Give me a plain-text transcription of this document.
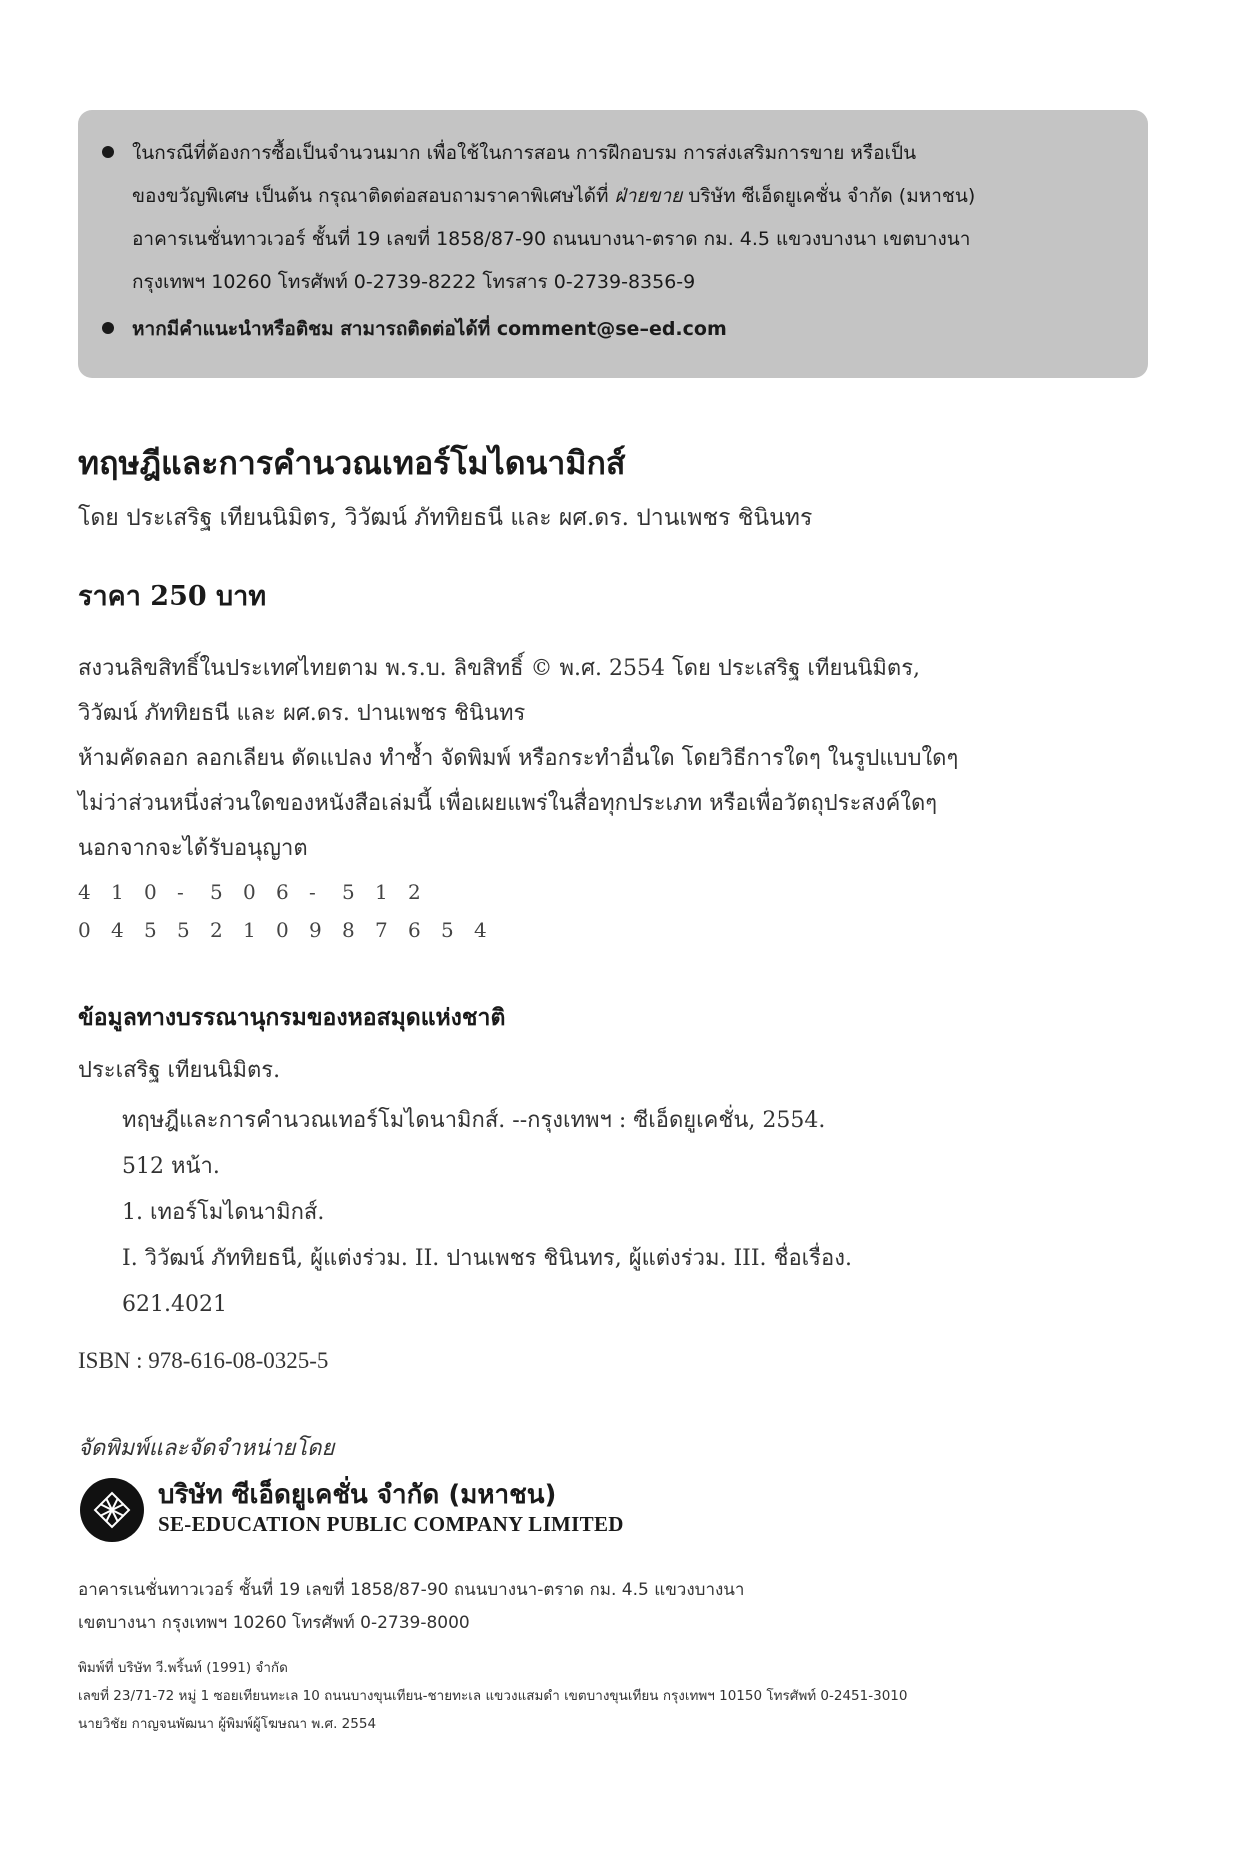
ในกรณีที่ต้องการซื้อเป็นจำนวนมาก เพื่อใช้ในการสอน การฝึกอบรม การส่งเสริมการขาย หรือเป็น
ของขวัญพิเศษ เป็นต้น กรุณาติดต่อสอบถามราคาพิเศษได้ที่ ฝ่ายขาย บริษัท ซีเอ็ดยูเคชั่น จำกัด (มหาชน)
อาคารเนชั่นทาวเวอร์ ชั้นที่ 19 เลขที่ 1858/87-90 ถนนบางนา-ตราด กม. 4.5 แขวงบางนา เขตบางนา
กรุงเทพฯ 10260 โทรศัพท์ 0-2739-8222 โทรสาร 0-2739-8356-9
หากมีคำแนะนำหรือติชม สามารถติดต่อได้ที่ comment@se–ed.com
ทฤษฎีและการคำนวณเทอร์โมไดนามิกส์
โดย ประเสริฐ เทียนนิมิตร, วิวัฒน์ ภัททิยธนี และ ผศ.ดร. ปานเพชร ชินินทร
ราคา 250 บาท
สงวนลิขสิทธิ์ในประเทศไทยตาม พ.ร.บ. ลิขสิทธิ์ © พ.ศ. 2554 โดย ประเสริฐ เทียนนิมิตร,
วิวัฒน์ ภัททิยธนี และ ผศ.ดร. ปานเพชร ชินินทร
ห้ามคัดลอก ลอกเลียน ดัดแปลง ทำซ้ำ จัดพิมพ์ หรือกระทำอื่นใด โดยวิธีการใดๆ ในรูปแบบใดๆ
ไม่ว่าส่วนหนึ่งส่วนใดของหนังสือเล่มนี้ เพื่อเผยแพร่ในสื่อทุกประเภท หรือเพื่อวัตถุประสงค์ใดๆ
นอกจากจะได้รับอนุญาต
4 1 0 - 5 0 6 - 5 1 2
0 4 5 5 2 1 0 9 8 7 6 5 4
ข้อมูลทางบรรณานุกรมของหอสมุดแห่งชาติ
ประเสริฐ เทียนนิมิตร.
ทฤษฎีและการคำนวณเทอร์โมไดนามิกส์. --กรุงเทพฯ : ซีเอ็ดยูเคชั่น, 2554.
512 หน้า.
1. เทอร์โมไดนามิกส์.
I. วิวัฒน์ ภัททิยธนี, ผู้แต่งร่วม. II. ปานเพชร ชินินทร, ผู้แต่งร่วม. III. ชื่อเรื่อง.
621.4021
ISBN : 978-616-08-0325-5
จัดพิมพ์และจัดจำหน่ายโดย
บริษัท ซีเอ็ดยูเคชั่น จำกัด (มหาชน)
SE-EDUCATION PUBLIC COMPANY LIMITED
อาคารเนชั่นทาวเวอร์ ชั้นที่ 19 เลขที่ 1858/87-90 ถนนบางนา-ตราด กม. 4.5 แขวงบางนา
เขตบางนา กรุงเทพฯ 10260 โทรศัพท์ 0-2739-8000
พิมพ์ที่ บริษัท วี.พริ้นท์ (1991) จำกัด
เลขที่ 23/71-72 หมู่ 1 ซอยเทียนทะเล 10 ถนนบางขุนเทียน-ชายทะเล แขวงแสมดำ เขตบางขุนเทียน กรุงเทพฯ 10150 โทรศัพท์ 0-2451-3010
นายวิชัย กาญจนพัฒนา ผู้พิมพ์ผู้โฆษณา พ.ศ. 2554
